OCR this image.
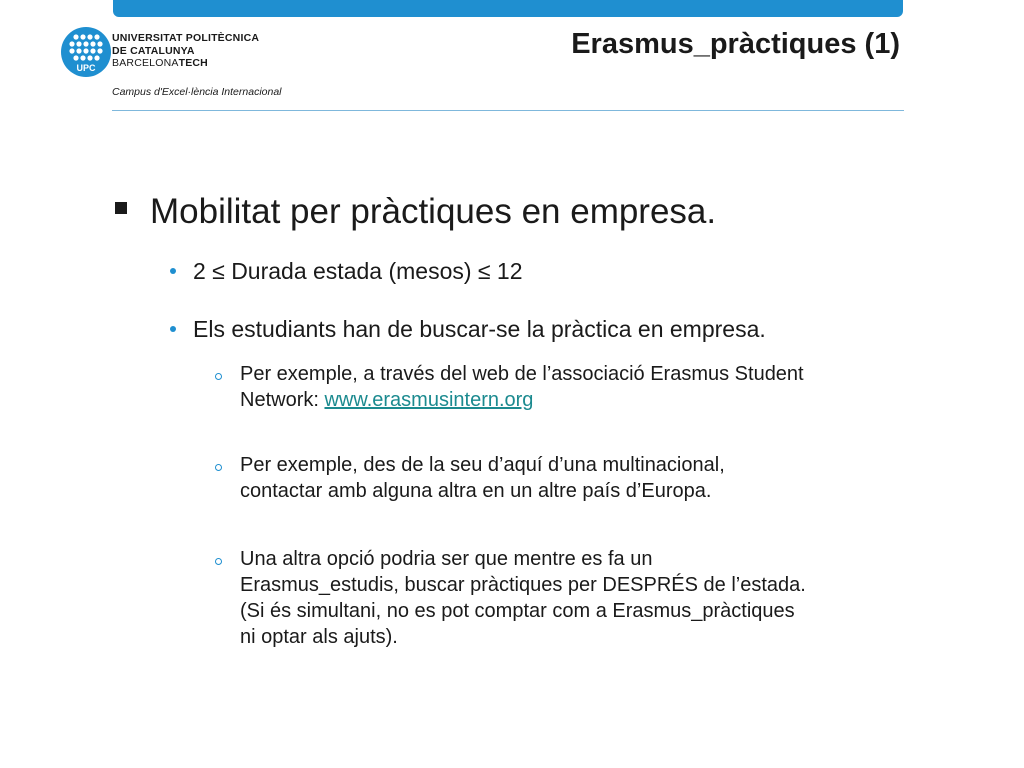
UPC
UNIVERSITAT POLITÈCNICA
DE CATALUNYA
BARCELONATECH
Campus d'Excel·lència Internacional
Erasmus_pràctiques (1)
Mobilitat per pràctiques en empresa.
2 ≤ Durada estada (mesos) ≤ 12
Els estudiants han de buscar-se la pràctica en empresa.
Per exemple, a través del web de l’associació Erasmus Student
Network: www.erasmusintern.org
Per exemple, des de la seu d’aquí d’una multinacional,
contactar amb alguna altra en un altre país d’Europa.
Una altra opció podria ser que mentre es fa un
Erasmus_estudis, buscar pràctiques per DESPRÉS de l’estada.
(Si és simultani, no es pot comptar com a Erasmus_pràctiques
ni optar als ajuts).
